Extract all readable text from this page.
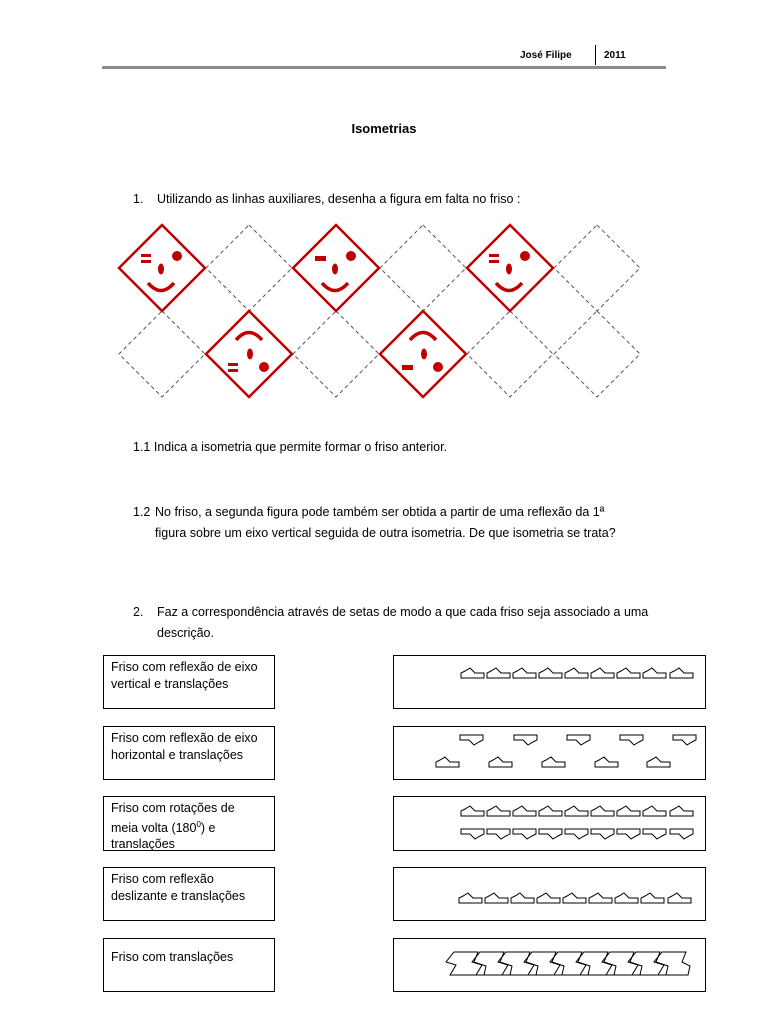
José Filipe	2011
Isometrias
1. Utilizando as linhas auxiliares, desenha a figura em falta no friso :
1.1 Indica a isometria que permite formar o friso anterior.
1.2 No friso, a segunda figura pode também ser obtida a partir de uma reflexão da 1ª
figura sobre um eixo vertical seguida de outra isometria. De que isometria se trata?
2. Faz a correspondência através de setas de modo a que cada friso seja associado a uma
descrição.
Friso com reflexão de eixo
vertical e translações
Friso com reflexão de eixo
horizontal e translações
Friso com rotações de
meia volta $(180^0)$ e
translações
Friso com reflexão
deslizante e translações
Friso com translações
